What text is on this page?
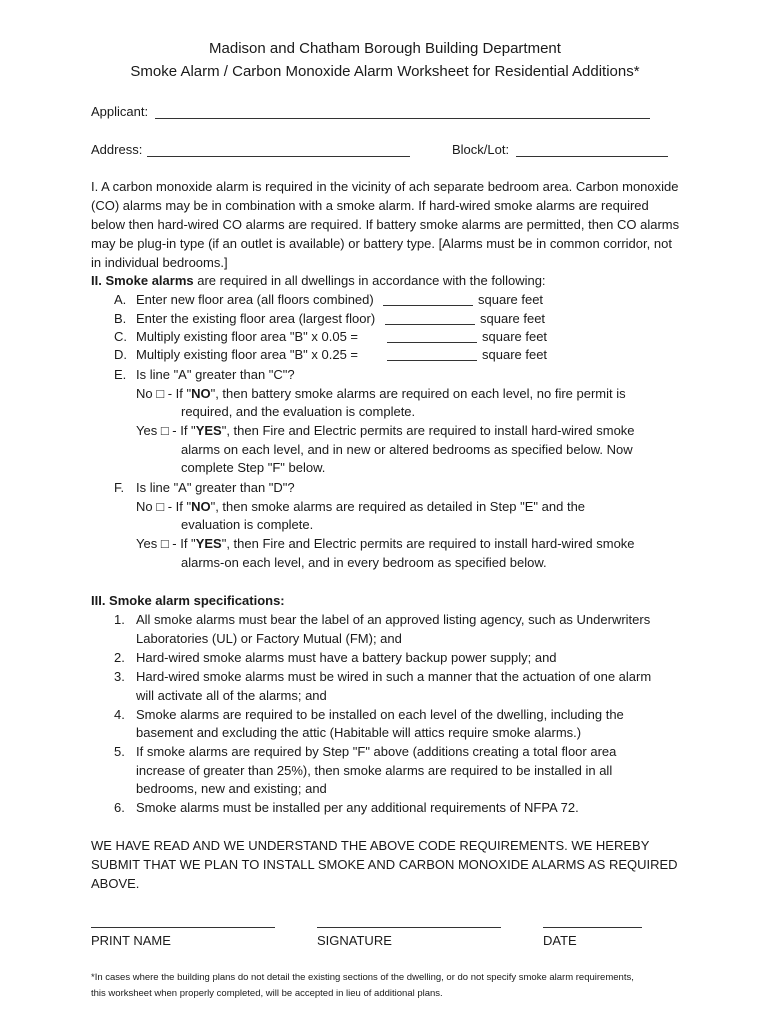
Madison and Chatham Borough Building Department
Smoke Alarm / Carbon Monoxide Alarm Worksheet for Residential Additions*
Applicant:
Address:	Block/Lot:
I. A carbon monoxide alarm is required in the vicinity of ach separate bedroom area. Carbon monoxide (CO) alarms may be in combination with a smoke alarm. If hard-wired smoke alarms are required below then hard-wired CO alarms are required. If battery smoke alarms are permitted, then CO alarms may be plug-in type (if an outlet is available) or battery type. [Alarms must be in common corridor, not in individual bedrooms.]
II. Smoke alarms are required in all dwellings in accordance with the following:
A. Enter new floor area (all floors combined)	square feet
B. Enter the existing floor area (largest floor)	square feet
C. Multiply existing floor area "B" x 0.05 =	square feet
D. Multiply existing floor area "B" x 0.25 =	square feet
E. Is line "A" greater than "C"?
No □ - If "NO", then battery smoke alarms are required on each level, no fire permit is
required, and the evaluation is complete.
Yes □ - If "YES", then Fire and Electric permits are required to install hard-wired smoke
alarms on each level, and in new or altered bedrooms as specified below. Now
complete Step "F" below.
F. Is line "A" greater than "D"?
No □ - If "NO", then smoke alarms are required as detailed in Step "E" and the
evaluation is complete.
Yes □ - If "YES", then Fire and Electric permits are required to install hard-wired smoke
alarms-on each level, and in every bedroom as specified below.
III. Smoke alarm specifications:
1. All smoke alarms must bear the label of an approved listing agency, such as Underwriters
Laboratories (UL) or Factory Mutual (FM); and
2. Hard-wired smoke alarms must have a battery backup power supply; and
3. Hard-wired smoke alarms must be wired in such a manner that the actuation of one alarm
will activate all of the alarms; and
4. Smoke alarms are required to be installed on each level of the dwelling, including the
basement and excluding the attic (Habitable will attics require smoke alarms.)
5. If smoke alarms are required by Step "F" above (additions creating a total floor area
increase of greater than 25%), then smoke alarms are required to be installed in all
bedrooms, new and existing; and
6. Smoke alarms must be installed per any additional requirements of NFPA 72.
WE HAVE READ AND WE UNDERSTAND THE ABOVE CODE REQUIREMENTS. WE HEREBY
SUBMIT THAT WE PLAN TO INSTALL SMOKE AND CARBON MONOXIDE ALARMS AS REQUIRED
ABOVE.
PRINT NAME	SIGNATURE	DATE
*In cases where the building plans do not detail the existing sections of the dwelling, or do not specify smoke alarm requirements,
this worksheet when properly completed, will be accepted in lieu of additional plans.
